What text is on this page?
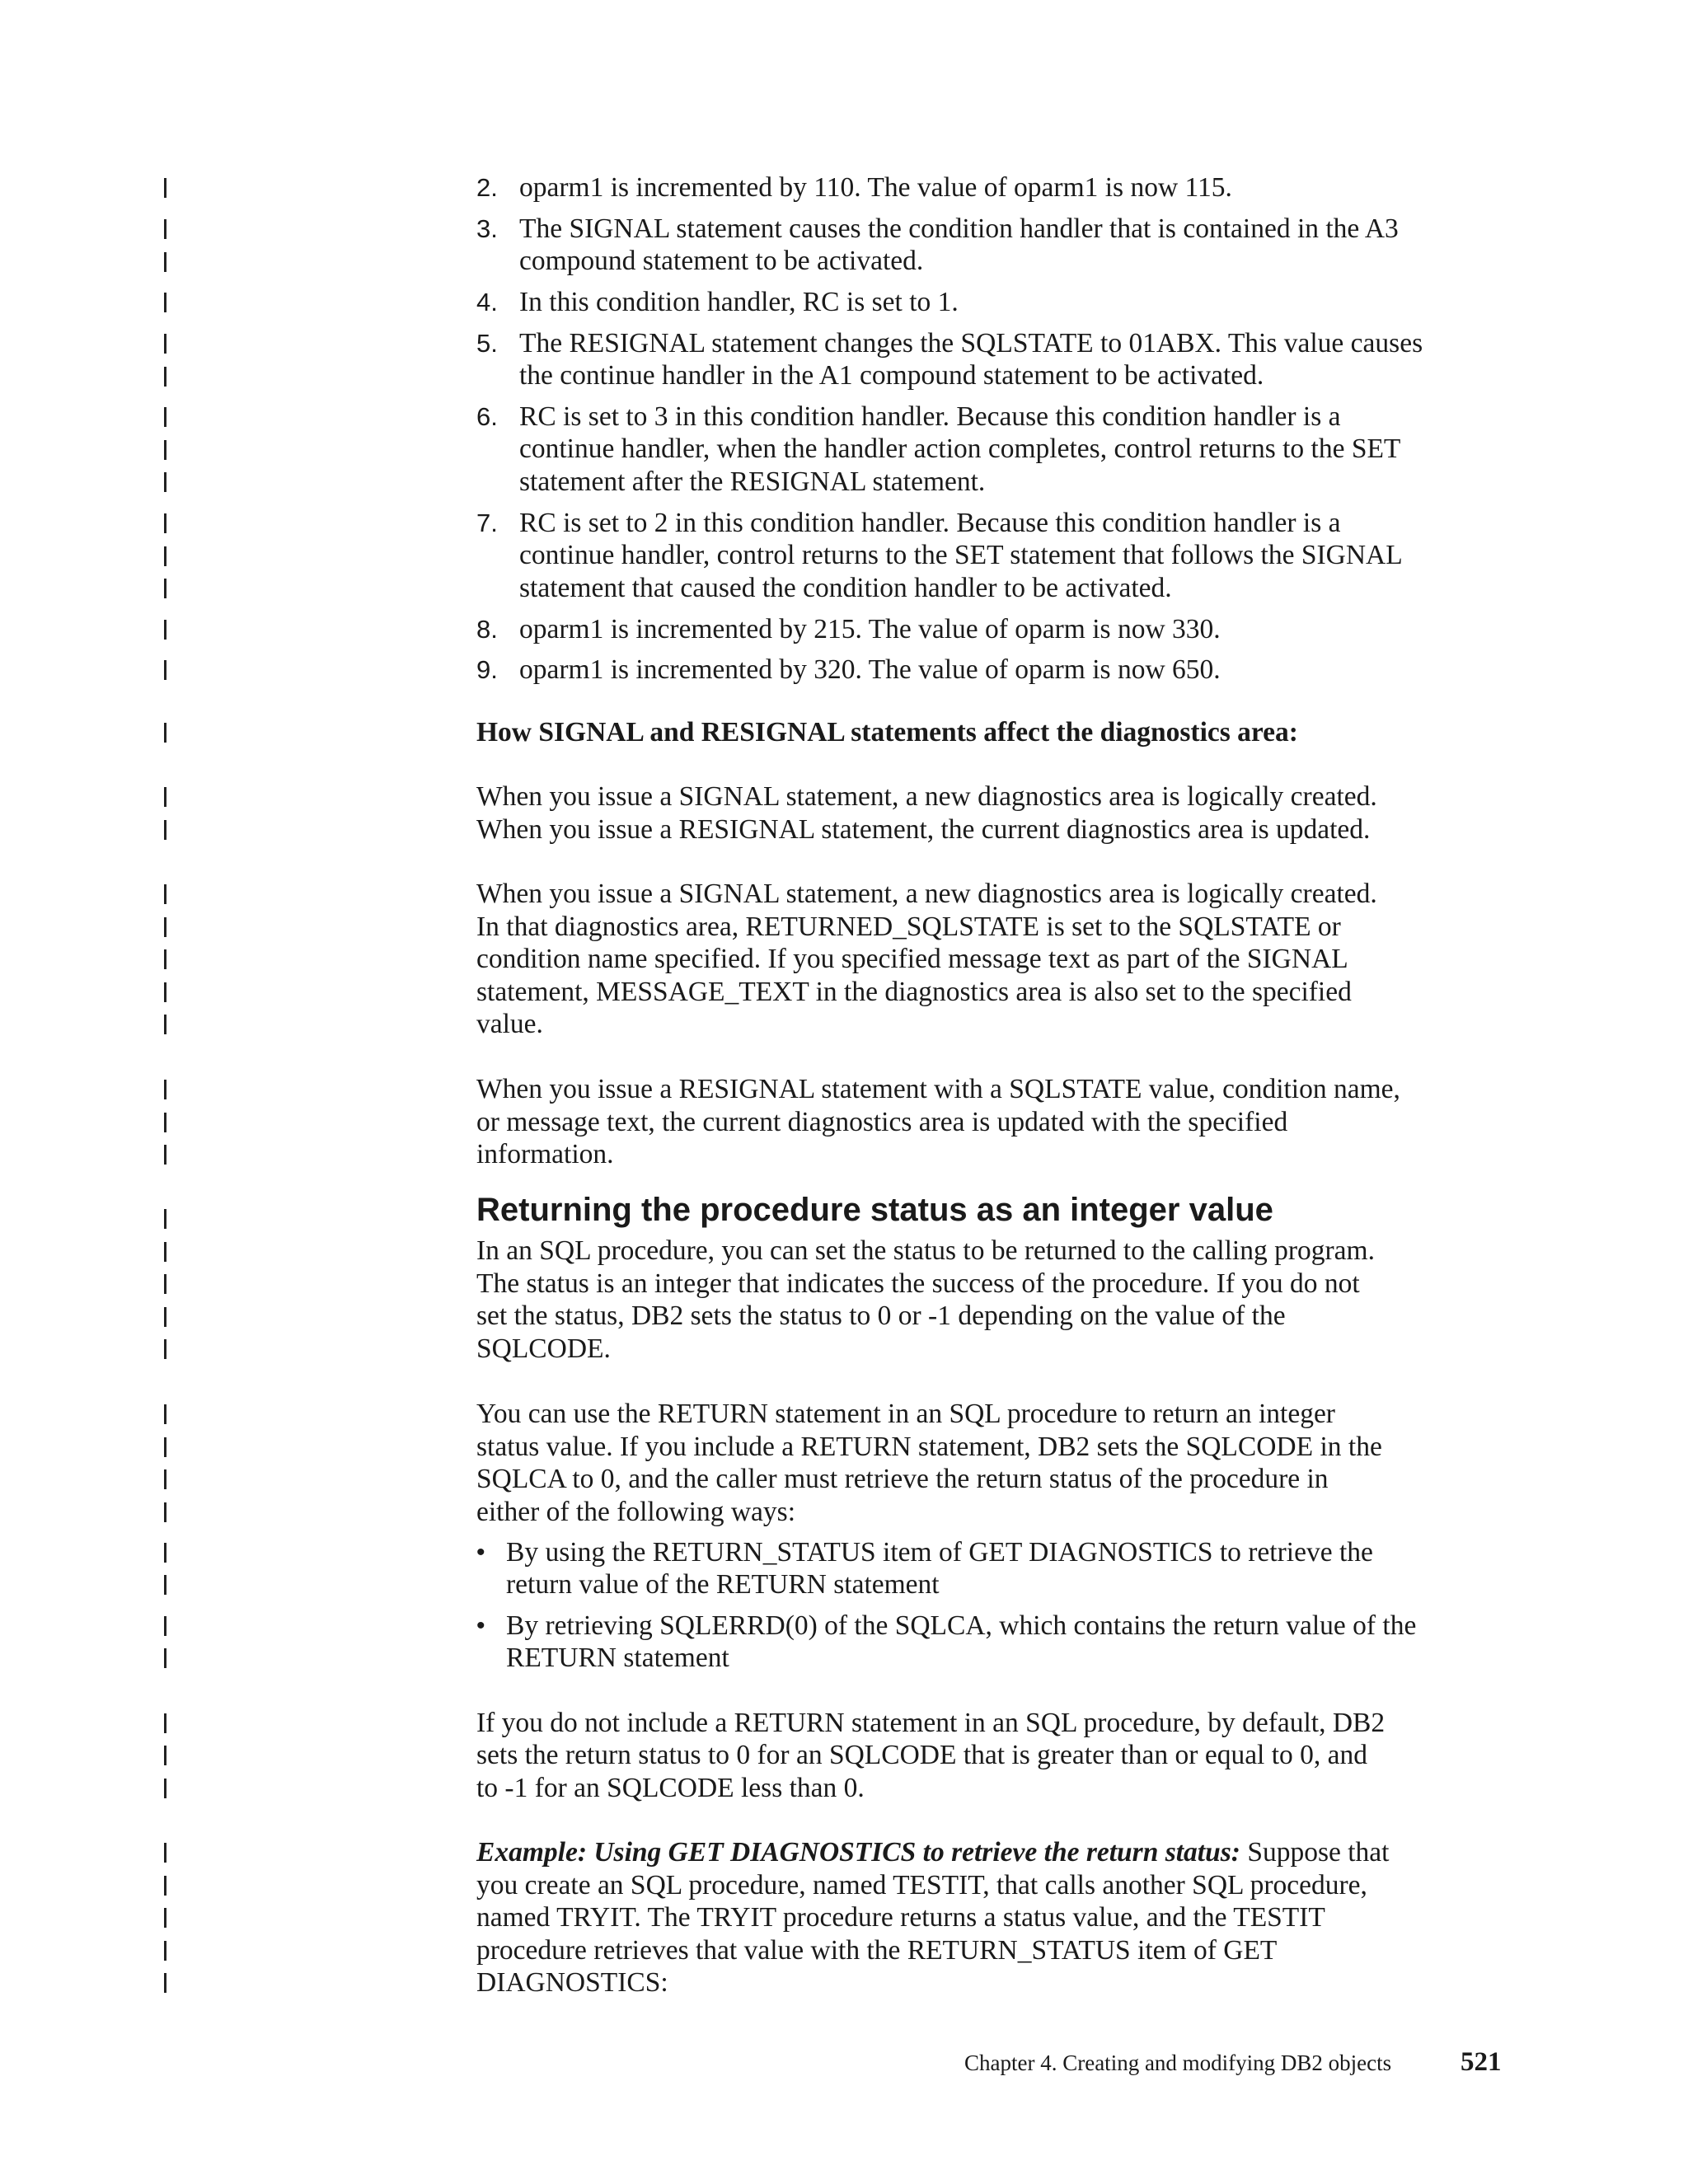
2. oparm1 is incremented by 110. The value of oparm1 is now 115.
3. The SIGNAL statement causes the condition handler that is contained in the A3
compound statement to be activated.
4. In this condition handler, RC is set to 1.
5. The RESIGNAL statement changes the SQLSTATE to 01ABX. This value causes
the continue handler in the A1 compound statement to be activated.
6. RC is set to 3 in this condition handler. Because this condition handler is a
continue handler, when the handler action completes, control returns to the SET
statement after the RESIGNAL statement.
7. RC is set to 2 in this condition handler. Because this condition handler is a
continue handler, control returns to the SET statement that follows the SIGNAL
statement that caused the condition handler to be activated.
8. oparm1 is incremented by 215. The value of oparm is now 330.
9. oparm1 is incremented by 320. The value of oparm is now 650.
How SIGNAL and RESIGNAL statements affect the diagnostics area:
When you issue a SIGNAL statement, a new diagnostics area is logically created.
When you issue a RESIGNAL statement, the current diagnostics area is updated.
When you issue a SIGNAL statement, a new diagnostics area is logically created.
In that diagnostics area, RETURNED_SQLSTATE is set to the SQLSTATE or
condition name specified. If you specified message text as part of the SIGNAL
statement, MESSAGE_TEXT in the diagnostics area is also set to the specified
value.
When you issue a RESIGNAL statement with a SQLSTATE value, condition name,
or message text, the current diagnostics area is updated with the specified
information.
Returning the procedure status as an integer value
In an SQL procedure, you can set the status to be returned to the calling program.
The status is an integer that indicates the success of the procedure. If you do not
set the status, DB2 sets the status to 0 or -1 depending on the value of the
SQLCODE.
You can use the RETURN statement in an SQL procedure to return an integer
status value. If you include a RETURN statement, DB2 sets the SQLCODE in the
SQLCA to 0, and the caller must retrieve the return status of the procedure in
either of the following ways:
• By using the RETURN_STATUS item of GET DIAGNOSTICS to retrieve the
return value of the RETURN statement
• By retrieving SQLERRD(0) of the SQLCA, which contains the return value of the
RETURN statement
If you do not include a RETURN statement in an SQL procedure, by default, DB2
sets the return status to 0 for an SQLCODE that is greater than or equal to 0, and
to -1 for an SQLCODE less than 0.
Example: Using GET DIAGNOSTICS to retrieve the return status: Suppose that
you create an SQL procedure, named TESTIT, that calls another SQL procedure,
named TRYIT. The TRYIT procedure returns a status value, and the TESTIT
procedure retrieves that value with the RETURN_STATUS item of GET
DIAGNOSTICS:
Chapter 4. Creating and modifying DB2 objects	521
